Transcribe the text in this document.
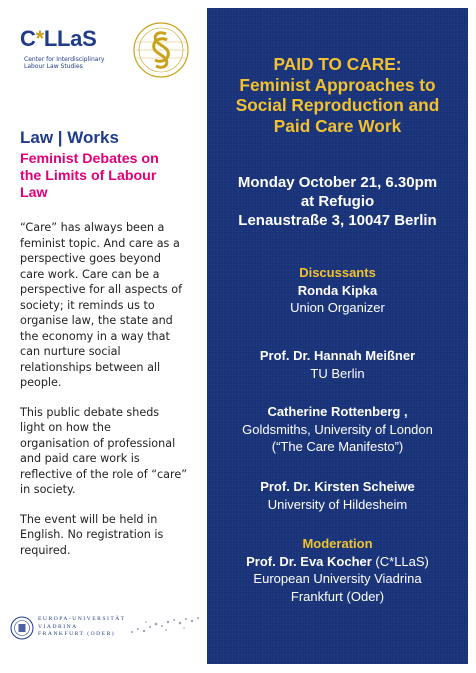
C*LLaS
Center for Interdisciplinary
Labour Law Studies
Law | Works
Feminist Debates on
the Limits of Labour
Law

“Care” has always been a
feminist topic. And care as a
perspective goes beyond
care work. Care can be a
perspective for all aspects of
society; it reminds us to
organise law, the state and
the economy in a way that
can nurture social
relationships between all
people.

This public debate sheds
light on how the
organisation of professional
and paid care work is
reflective of the role of “care”
in society.

The event will be held in
English. No registration is
required.

EUROPA-UNIVERSITÄT
VIADRINA
FRANKFURT (ODER)
PAID TO CARE:
Feminist Approaches to
Social Reproduction and
Paid Care Work
Monday October 21, 6.30pm
at Refugio
Lenaustraße 3, 10047 Berlin
Discussants
Ronda Kipka
Union Organizer
Prof. Dr. Hannah Meißner
TU Berlin
Catherine Rottenberg ,
Goldsmiths, University of London
(“The Care Manifesto”)
Prof. Dr. Kirsten Scheiwe
University of Hildesheim
Moderation
Prof. Dr. Eva Kocher (C*LLaS)
European University Viadrina
Frankfurt (Oder)
